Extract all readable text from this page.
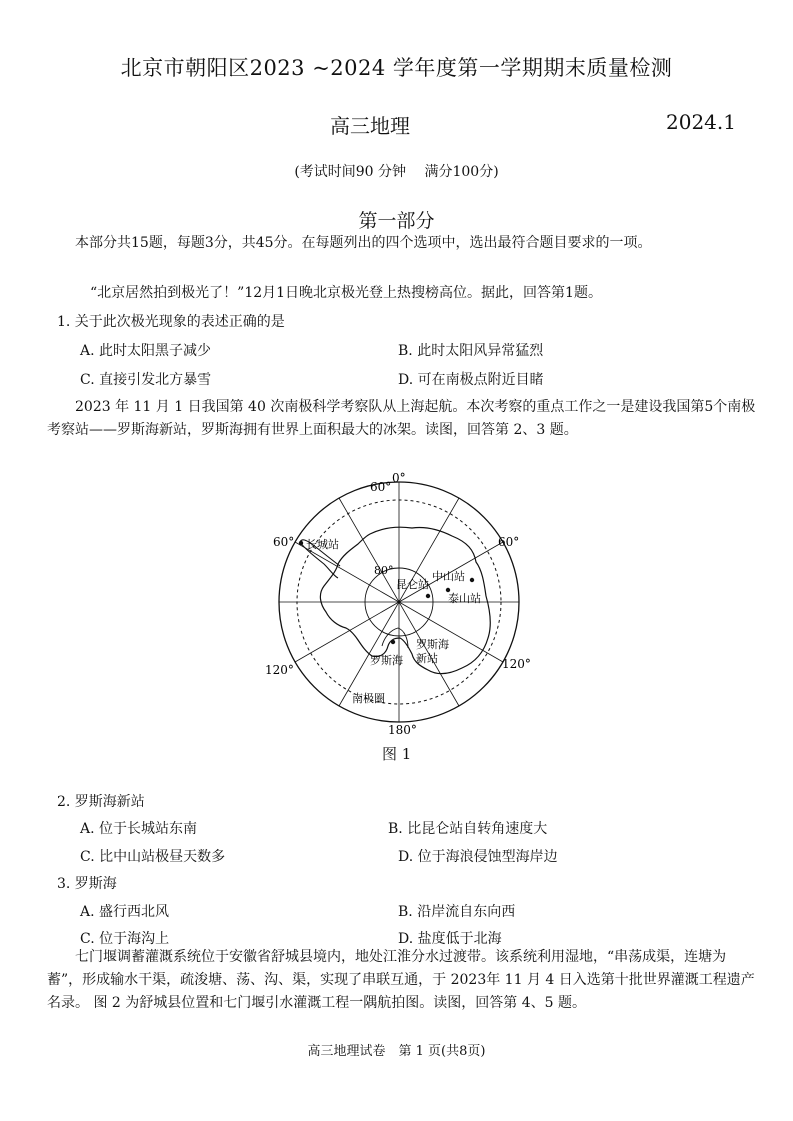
北京市朝阳区2023 ~2024 学年度第一学期期末质量检测
高三地理	2024.1
(考试时间90 分钟　 满分100分)
第一部分
本部分共15题，每题3分，共45分。在每题列出的四个选项中，选出最符合题目要求的一项。
“北京居然拍到极光了！”12月1日晚北京极光登上热搜榜高位。据此，回答第1题。
1. 关于此次极光现象的表述正确的是
A. 此时太阳黑子减少	B. 此时太阳风异常猛烈
C. 直接引发北方暴雪	D. 可在南极点附近目睹
2023 年 11 月 1 日我国第 40 次南极科学考察队从上海起航。本次考察的重点工作之一是建设我国第5个南极考察站——罗斯海新站，罗斯海拥有世界上面积最大的冰架。读图，回答第 2、3 题。
0°
60°
60°	60°
120°	120°
180°
80°
长城站
昆仑站
中山站
泰山站
罗斯海
罗斯海
新站
南极圈
图 1
2. 罗斯海新站
A. 位于长城站东南	B. 比昆仑站自转角速度大
C. 比中山站极昼天数多	D. 位于海浪侵蚀型海岸边
3. 罗斯海
A. 盛行西北风	B. 沿岸流自东向西
C. 位于海沟上	D. 盐度低于北海
七门堰调蓄灌溉系统位于安徽省舒城县境内，地处江淮分水过渡带。该系统利用湿地，“串荡成渠，连塘为蓄”，形成输水干渠，疏浚塘、荡、沟、渠，实现了串联互通，于 2023年 11 月 4 日入选第十批世界灌溉工程遗产名录。 图 2 为舒城县位置和七门堰引水灌溉工程一隅航拍图。读图，回答第 4、5 题。
高三地理试卷　第 1 页(共8页)
